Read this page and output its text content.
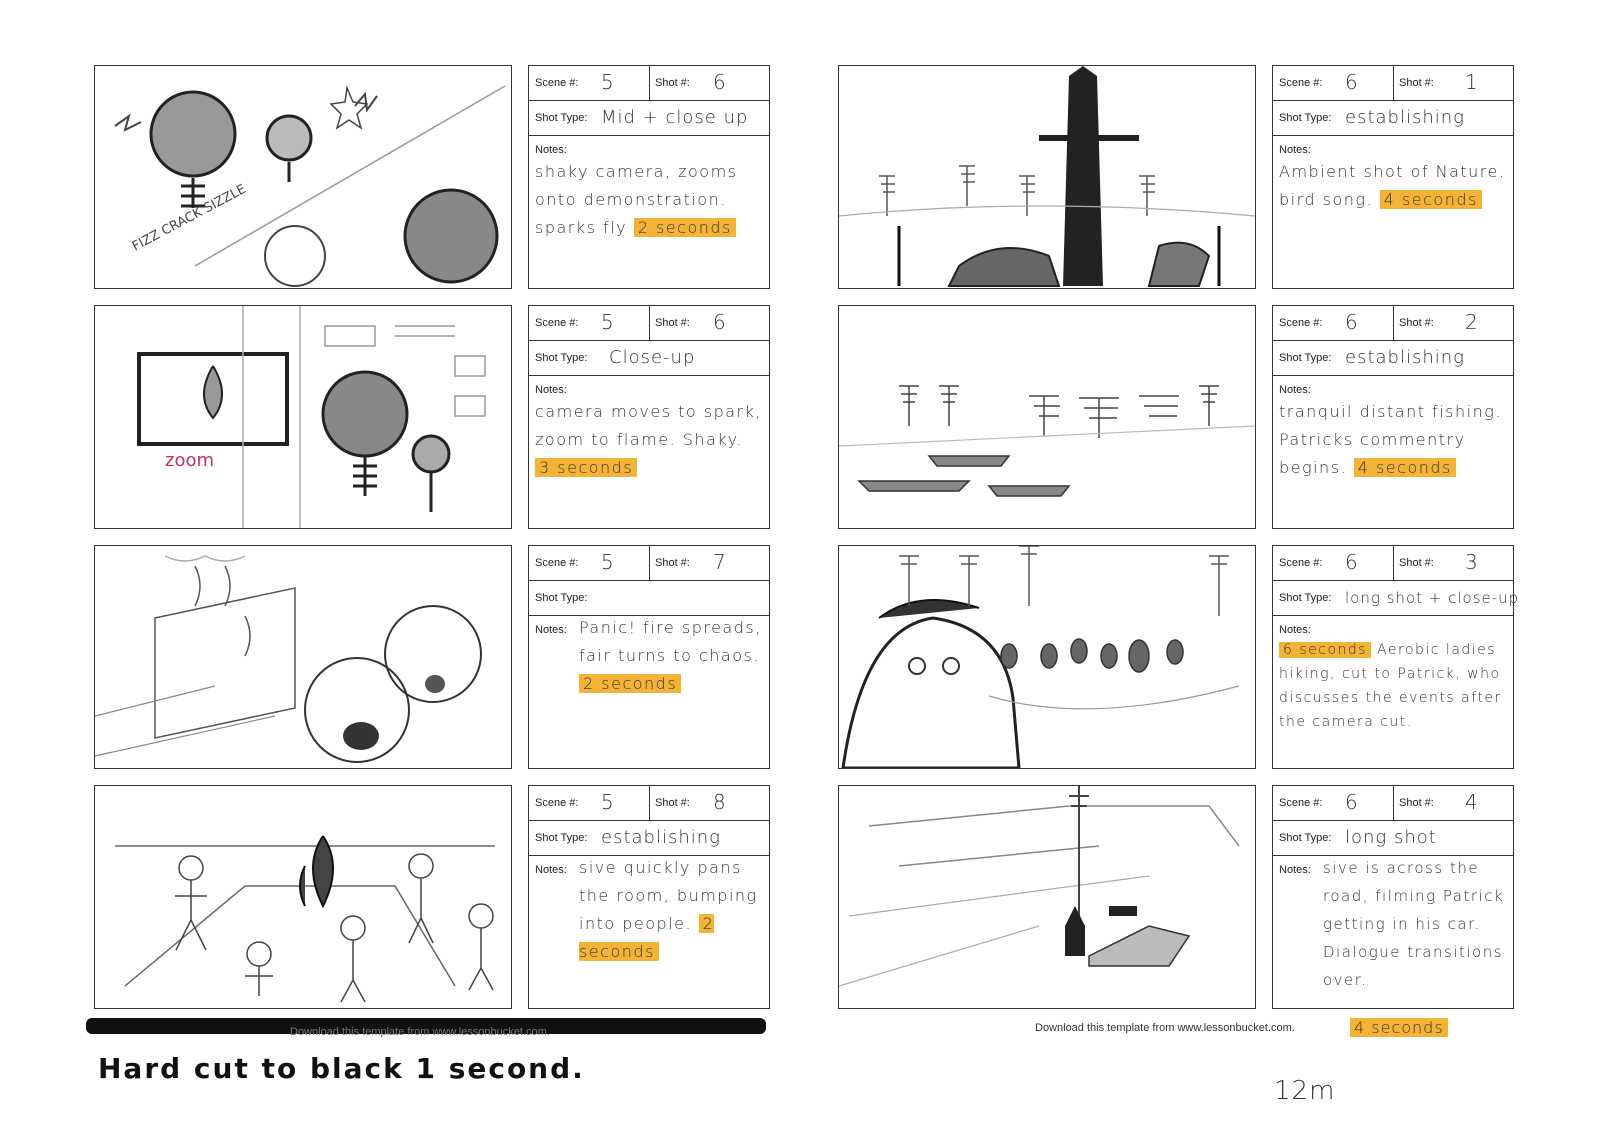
FIZZ CRACK SIZZLE
zoom
Scene #: 5	Shot #: 6
Shot Type: Mid + close up
Notes:
shaky camera, zooms onto demonstration. sparks fly 2 seconds
Scene #: 5	Shot #: 6
Shot Type: Close-up
Notes:
camera moves to spark, zoom to flame. Shaky. 3 seconds
Scene #: 5	Shot #: 7
Shot Type:
Notes: Panic! fire spreads, fair turns to chaos. 2 seconds
Scene #: 5	Shot #: 8
Shot Type: establishing
Notes: sive quickly pans the room, bumping into people. 2 seconds
Scene #: 6	Shot #: 1
Shot Type: establishing
Notes:
Ambient shot of Nature. bird song. 4 seconds
Scene #: 6	Shot #: 2
Shot Type: establishing
Notes:
tranquil distant fishing. Patricks commentry begins. 4 seconds
Scene #: 6	Shot #: 3
Shot Type: long shot + close-up
Notes:
6 seconds Aerobic ladies hiking, cut to Patrick, who discusses the events after the camera cut.
Scene #: 6	Shot #: 4
Shot Type: long shot
Notes: sive is across the road, filming Patrick getting in his car. Dialogue transitions over.
Download this template from www.lessonbucket.com.
Hard cut to black 1 second.
Download this template from www.lessonbucket.com.	4 seconds
12m
